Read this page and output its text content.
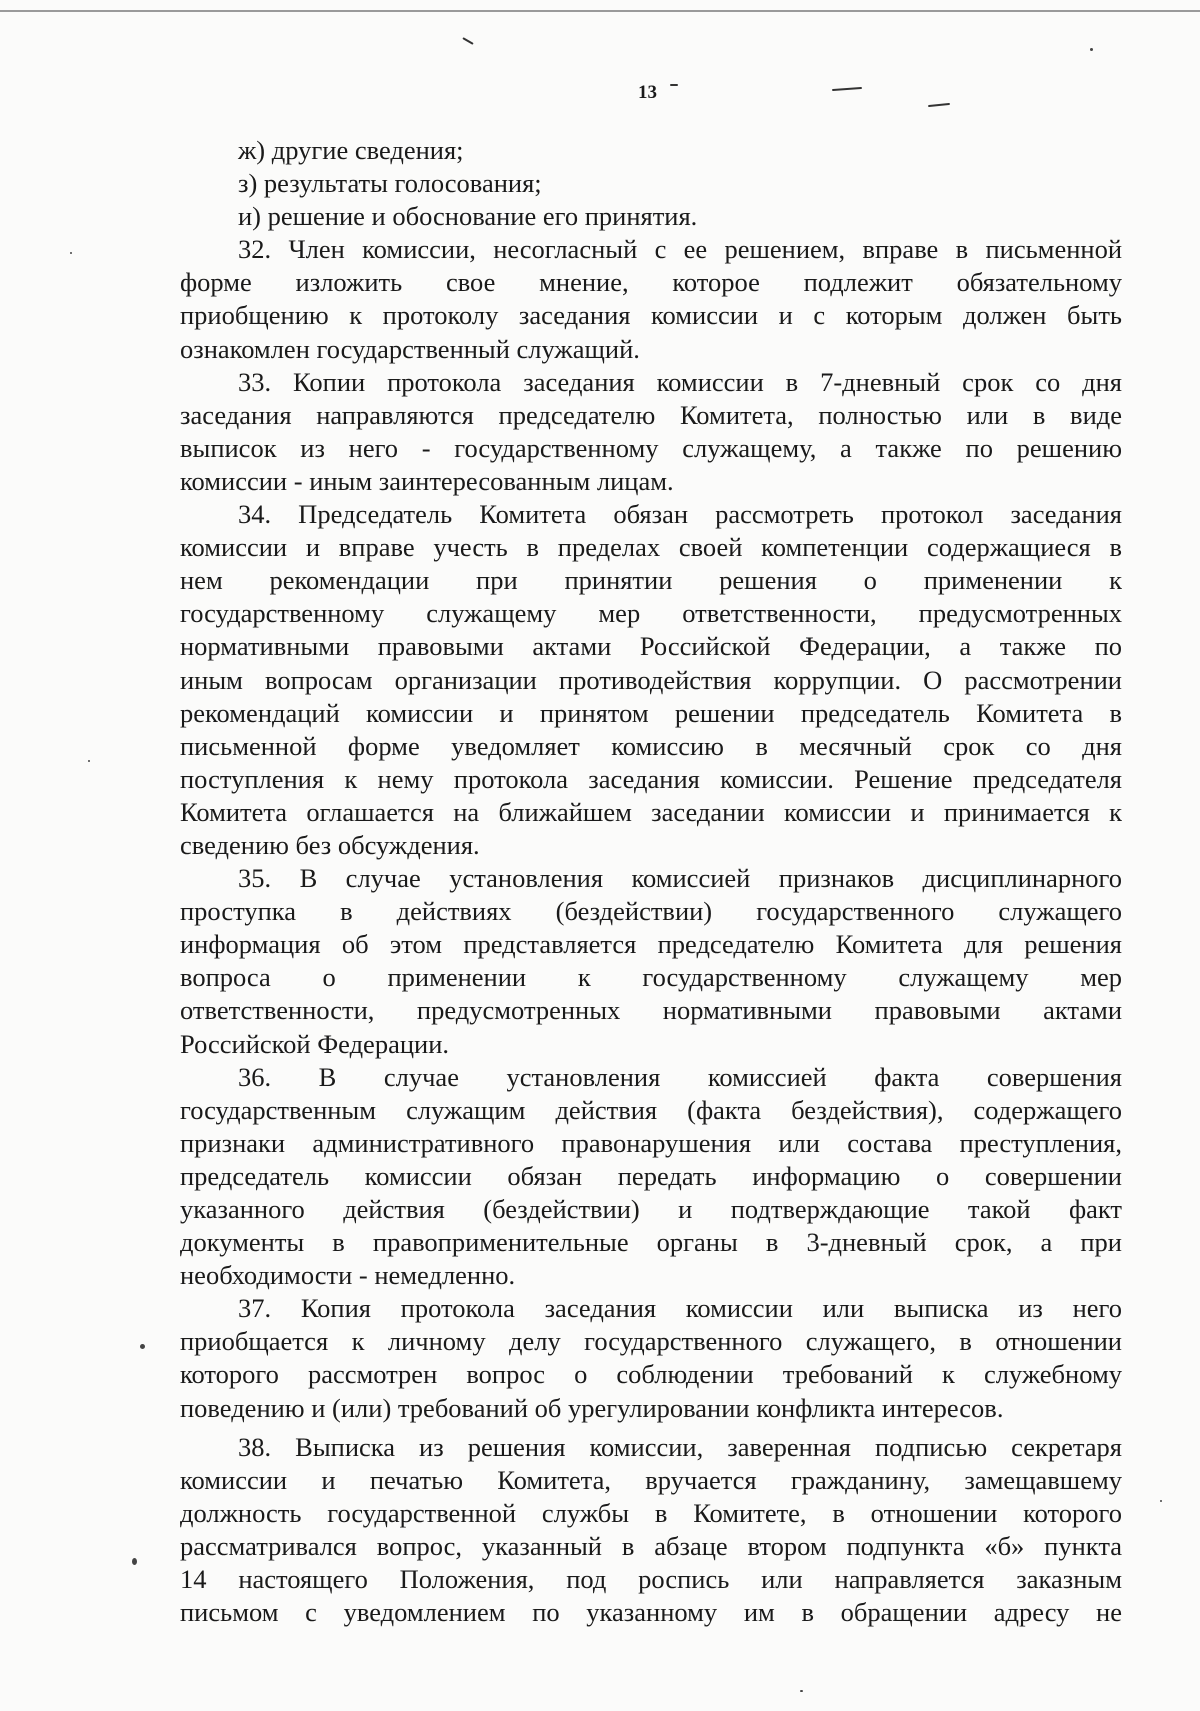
13
ж) другие сведения;
з) результаты голосования;
и) решение и обоснование его принятия.
32. Член комиссии, несогласный с ее решением, вправе в письменной
форме изложить свое мнение, которое подлежит обязательному
приобщению к протоколу заседания комиссии и с которым должен быть
ознакомлен государственный служащий.
33. Копии протокола заседания комиссии в 7-дневный срок со дня
заседания направляются председателю Комитета, полностью или в виде
выписок из него - государственному служащему, а также по решению
комиссии - иным заинтересованным лицам.
34. Председатель Комитета обязан рассмотреть протокол заседания
комиссии и вправе учесть в пределах своей компетенции содержащиеся в
нем рекомендации при принятии решения о применении к
государственному служащему мер ответственности, предусмотренных
нормативными правовыми актами Российской Федерации, а также по
иным вопросам организации противодействия коррупции. О рассмотрении
рекомендаций комиссии и принятом решении председатель Комитета в
письменной форме уведомляет комиссию в месячный срок со дня
поступления к нему протокола заседания комиссии. Решение председателя
Комитета оглашается на ближайшем заседании комиссии и принимается к
сведению без обсуждения.
35. В случае установления комиссией признаков дисциплинарного
проступка в действиях (бездействии) государственного служащего
информация об этом представляется председателю Комитета для решения
вопроса о применении к государственному служащему мер
ответственности, предусмотренных нормативными правовыми актами
Российской Федерации.
36. В случае установления комиссией факта совершения
государственным служащим действия (факта бездействия), содержащего
признаки административного правонарушения или состава преступления,
председатель комиссии обязан передать информацию о совершении
указанного действия (бездействии) и подтверждающие такой факт
документы в правоприменительные органы в 3-дневный срок, а при
необходимости - немедленно.
37. Копия протокола заседания комиссии или выписка из него
приобщается к личному делу государственного служащего, в отношении
которого рассмотрен вопрос о соблюдении требований к служебному
поведению и (или) требований об урегулировании конфликта интересов.
38. Выписка из решения комиссии, заверенная подписью секретаря
комиссии и печатью Комитета, вручается гражданину, замещавшему
должность государственной службы в Комитете, в отношении которого
рассматривался вопрос, указанный в абзаце втором подпункта «б» пункта
14 настоящего Положения, под роспись или направляется заказным
письмом с уведомлением по указанному им в обращении адресу не
